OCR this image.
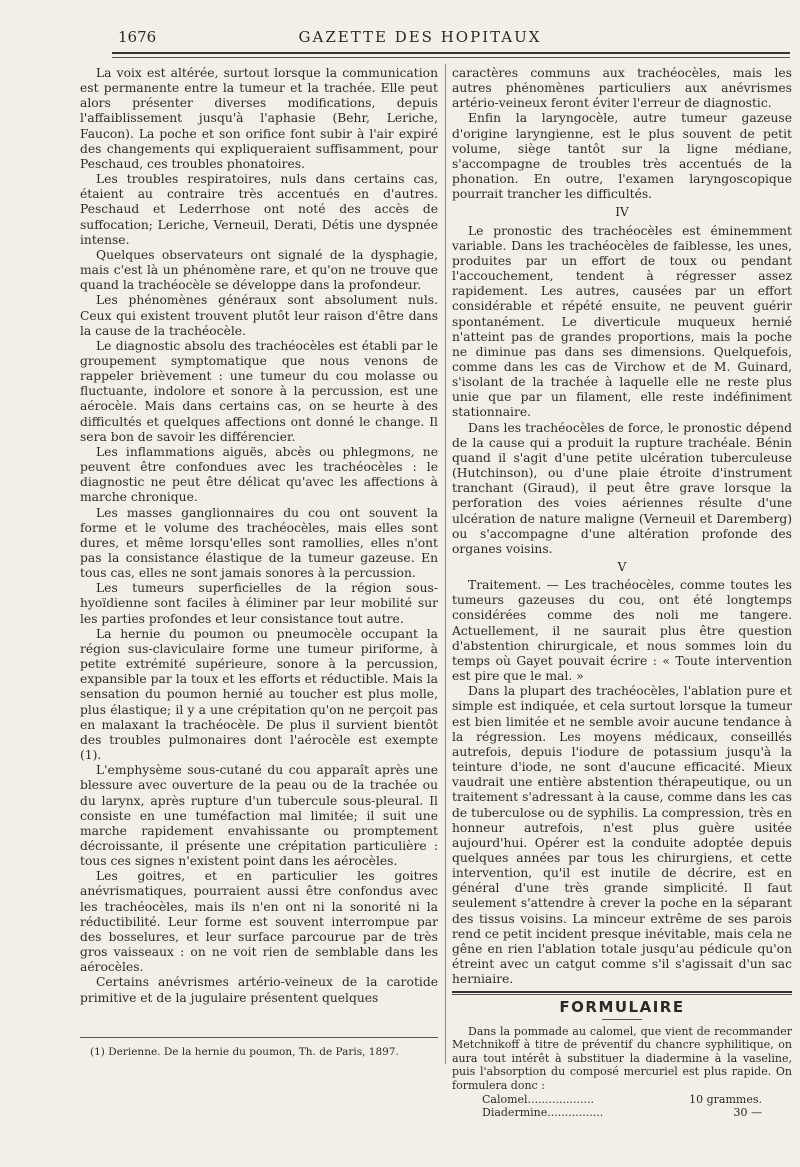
1676	GAZETTE DES HOPITAUX

La voix est altérée, surtout lorsque la communication est permanente entre la tumeur et la trachée. Elle peut alors présenter diverses modifications, depuis l'affaiblissement jusqu'à l'aphasie (Behr, Leriche, Faucon). La poche et son orifice font subir à l'air expiré des changements qui expliqueraient suffisamment, pour Peschaud, ces troubles phonatoires.

Les troubles respiratoires, nuls dans certains cas, étaient au contraire très accentués en d'autres. Peschaud et Lederrhose ont noté des accès de suffocation; Leriche, Verneuil, Derati, Détis une dyspnée intense.

Quelques observateurs ont signalé de la dysphagie, mais c'est là un phénomène rare, et qu'on ne trouve que quand la trachéocèle se développe dans la profondeur.

Les phénomènes généraux sont absolument nuls. Ceux qui existent trouvent plutôt leur raison d'être dans la cause de la trachéocèle.

Le diagnostic absolu des trachéocèles est établi par le groupement symptomatique que nous venons de rappeler brièvement : une tumeur du cou molasse ou fluctuante, indolore et sonore à la percussion, est une aérocèle. Mais dans certains cas, on se heurte à des difficultés et quelques affections ont donné le change. Il sera bon de savoir les différencier.

Les inflammations aiguës, abcès ou phlegmons, ne peuvent être confondues avec les trachéocèles : le diagnostic ne peut être délicat qu'avec les affections à marche chronique.

Les masses ganglionnaires du cou ont souvent la forme et le volume des trachéocèles, mais elles sont dures, et même lorsqu'elles sont ramollies, elles n'ont pas la consistance élastique de la tumeur gazeuse. En tous cas, elles ne sont jamais sonores à la percussion.

Les tumeurs superficielles de la région sous-hyoïdienne sont faciles à éliminer par leur mobilité sur les parties profondes et leur consistance tout autre.

La hernie du poumon ou pneumocèle occupant la région sus-claviculaire forme une tumeur piriforme, à petite extrémité supérieure, sonore à la percussion, expansible par la toux et les efforts et réductible. Mais la sensation du poumon hernié au toucher est plus molle, plus élastique; il y a une crépitation qu'on ne perçoit pas en malaxant la trachéocèle. De plus il survient bientôt des troubles pulmonaires dont l'aérocèle est exempte (1).

L'emphysème sous-cutané du cou apparaît après une blessure avec ouverture de la peau ou de la trachée ou du larynx, après rupture d'un tubercule sous-pleural. Il consiste en une tuméfaction mal limitée; il suit une marche rapidement envahissante ou promptement décroissante, il présente une crépitation particulière : tous ces signes n'existent point dans les aérocèles.

Les goitres, et en particulier les goitres anévrismatiques, pourraient aussi être confondus avec les trachéocèles, mais ils n'en ont ni la sonorité ni la réductibilité. Leur forme est souvent interrompue par des bosselures, et leur surface parcourue par de très gros vaisseaux : on ne voit rien de semblable dans les aérocèles.

Certains anévrismes artério-veineux de la carotide primitive et de la jugulaire présentent quelques

(1) Derienne. De la hernie du poumon, Th. de Paris, 1897.

caractères communs aux trachéocèles, mais les autres phénomènes particuliers aux anévrismes artério-veineux feront éviter l'erreur de diagnostic.

Enfin la laryngocèle, autre tumeur gazeuse d'origine laryngienne, est le plus souvent de petit volume, siège tantôt sur la ligne médiane, s'accompagne de troubles très accentués de la phonation. En outre, l'examen laryngoscopique pourrait trancher les difficultés.

IV

Le pronostic des trachéocèles est éminemment variable. Dans les trachéocèles de faiblesse, les unes, produites par un effort de toux ou pendant l'accouchement, tendent à régresser assez rapidement. Les autres, causées par un effort considérable et répété ensuite, ne peuvent guérir spontanément. Le diverticule muqueux hernié n'atteint pas de grandes proportions, mais la poche ne diminue pas dans ses dimensions. Quelquefois, comme dans les cas de Virchow et de M. Guinard, s'isolant de la trachée à laquelle elle ne reste plus unie que par un filament, elle reste indéfiniment stationnaire.

Dans les trachéocèles de force, le pronostic dépend de la cause qui a produit la rupture trachéale. Bénin quand il s'agit d'une petite ulcération tuberculeuse (Hutchinson), ou d'une plaie étroite d'instrument tranchant (Giraud), il peut être grave lorsque la perforation des voies aériennes résulte d'une ulcération de nature maligne (Verneuil et Daremberg) ou s'accompagne d'une altération profonde des organes voisins.

V

Traitement. — Les trachéocèles, comme toutes les tumeurs gazeuses du cou, ont été longtemps considérées comme des noli me tangere. Actuellement, il ne saurait plus être question d'abstention chirurgicale, et nous sommes loin du temps où Gayet pouvait écrire : « Toute intervention est pire que le mal. »

Dans la plupart des trachéocèles, l'ablation pure et simple est indiquée, et cela surtout lorsque la tumeur est bien limitée et ne semble avoir aucune tendance à la régression. Les moyens médicaux, conseillés autrefois, depuis l'iodure de potassium jusqu'à la teinture d'iode, ne sont d'aucune efficacité. Mieux vaudrait une entière abstention thérapeutique, ou un traitement s'adressant à la cause, comme dans les cas de tuberculose ou de syphilis. La compression, très en honneur autrefois, n'est plus guère usitée aujourd'hui. Opérer est la conduite adoptée depuis quelques années par tous les chirurgiens, et cette intervention, qu'il est inutile de décrire, est en général d'une très grande simplicité. Il faut seulement s'attendre à crever la poche en la séparant des tissus voisins. La minceur extrême de ses parois rend ce petit incident presque inévitable, mais cela ne gêne en rien l'ablation totale jusqu'au pédicule qu'on étreint avec un catgut comme s'il s'agissait d'un sac herniaire.

FORMULAIRE

Dans la pommade au calomel, que vient de recommander Metchnikoff à titre de préventif du chancre syphilitique, on aura tout intérêt à substituer la diadermine à la vaseline, puis l'absorption du composé mercuriel est plus rapide. On formulera donc :

Calomel...................	10 grammes.
Diadermine................	30 —
